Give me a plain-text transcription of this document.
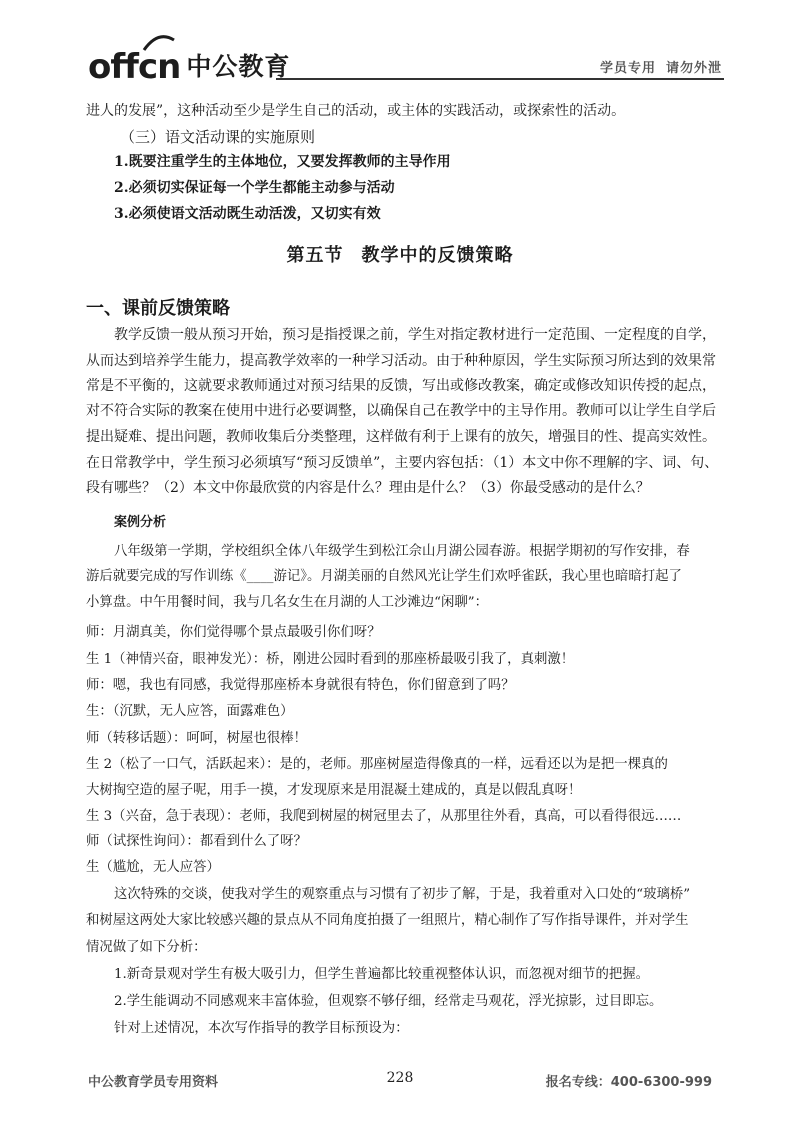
offcn 中公教育	学员专用 请勿外泄
进人的发展”，这种活动至少是学生自己的活动，或主体的实践活动，或探索性的活动。
（三）语文活动课的实施原则
1.既要注重学生的主体地位，又要发挥教师的主导作用
2.必须切实保证每一个学生都能主动参与活动
3.必须使语文活动既生动活泼，又切实有效
第五节 教学中的反馈策略
一、课前反馈策略
教学反馈一般从预习开始，预习是指授课之前，学生对指定教材进行一定范围、一定程度的自学，
从而达到培养学生能力，提高教学效率的一种学习活动。由于种种原因，学生实际预习所达到的效果常
常是不平衡的，这就要求教师通过对预习结果的反馈，写出或修改教案，确定或修改知识传授的起点，
对不符合实际的教案在使用中进行必要调整，以确保自己在教学中的主导作用。教师可以让学生自学后
提出疑难、提出问题，教师收集后分类整理，这样做有利于上课有的放矢，增强目的性、提高实效性。
在日常教学中，学生预习必须填写“预习反馈单”，主要内容包括：（1）本文中你不理解的字、词、句、
段有哪些？（2）本文中你最欣赏的内容是什么？理由是什么？（3）你最受感动的是什么？
案例分析
八年级第一学期，学校组织全体八年级学生到松江佘山月湖公园春游。根据学期初的写作安排，春
游后就要完成的写作训练《____游记》。月湖美丽的自然风光让学生们欢呼雀跃，我心里也暗暗打起了
小算盘。中午用餐时间，我与几名女生在月湖的人工沙滩边“闲聊”：
师：月湖真美，你们觉得哪个景点最吸引你们呀？
生 1（神情兴奋，眼神发光）：桥，刚进公园时看到的那座桥最吸引我了，真刺激！
师：嗯，我也有同感，我觉得那座桥本身就很有特色，你们留意到了吗？
生：（沉默，无人应答，面露难色）
师（转移话题）：呵呵，树屋也很棒！
生 2（松了一口气，活跃起来）：是的，老师。那座树屋造得像真的一样，远看还以为是把一棵真的
大树掏空造的屋子呢，用手一摸，才发现原来是用混凝土建成的，真是以假乱真呀！
生 3（兴奋，急于表现）：老师，我爬到树屋的树冠里去了，从那里往外看，真高，可以看得很远……
师（试探性询问）：都看到什么了呀？
生（尴尬，无人应答）
这次特殊的交谈，使我对学生的观察重点与习惯有了初步了解，于是，我着重对入口处的“玻璃桥”
和树屋这两处大家比较感兴趣的景点从不同角度拍摄了一组照片，精心制作了写作指导课件，并对学生
情况做了如下分析：
1.新奇景观对学生有极大吸引力，但学生普遍都比较重视整体认识，而忽视对细节的把握。
2.学生能调动不同感观来丰富体验，但观察不够仔细，经常走马观花，浮光掠影，过目即忘。
针对上述情况，本次写作指导的教学目标预设为：
中公教育学员专用资料	228	报名专线：400-6300-999
